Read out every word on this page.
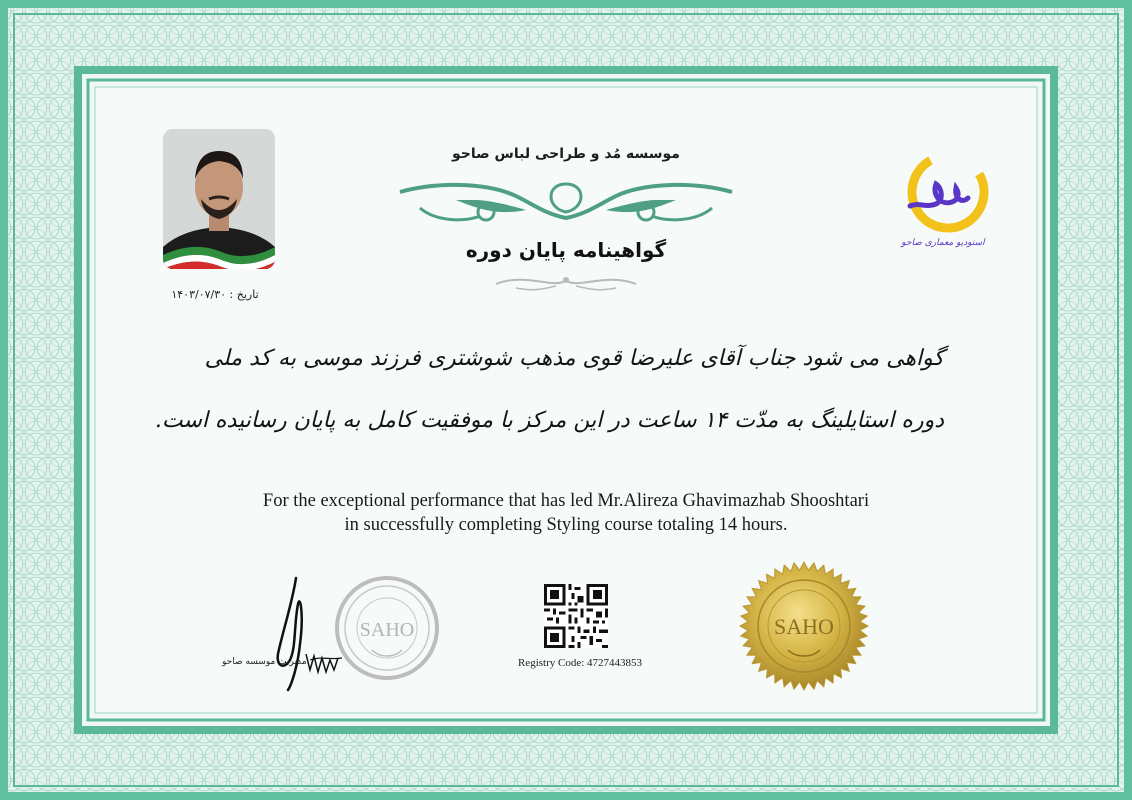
تاریخ : ۱۴۰۳/۰۷/۳۰
موسسه مُد و طراحی لباس صاحو
گواهینامه پایان دوره	استودیو معماری صاحو
گواهی می شود جناب آقای علیرضا قوی مذهب شوشتری فرزند موسی به کد ملی
دوره استایلینگ به مدّت ۱۴ ساعت در این مرکز با موفقیت کامل به پایان رسانیده است.
For the exceptional performance that has led Mr.Alireza Ghavimazhab Shooshtari
in successfully completing Styling course totaling 14 hours.
مدیریت موسسه صاحو
SAHO
Registry Code: 4727443853
SAHO
